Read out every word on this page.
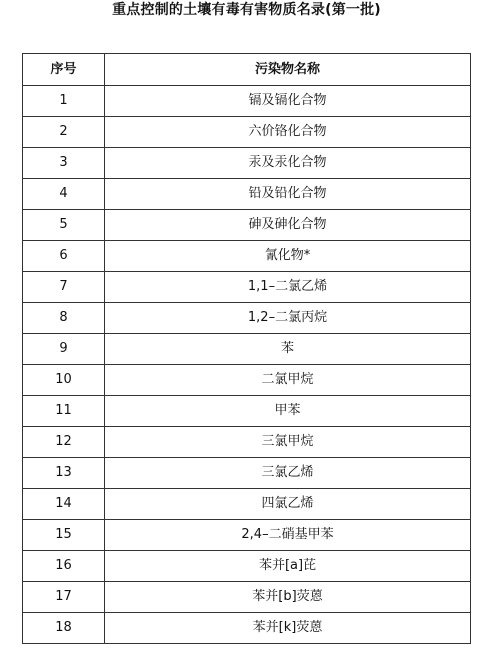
重点控制的土壤有毒有害物质名录(第一批)
序号	污染物名称
1	镉及镉化合物
2	六价铬化合物
3	汞及汞化合物
4	铅及铅化合物
5	砷及砷化合物
6	氰化物*
7	1,1–二氯乙烯
8	1,2–二氯丙烷
9	苯
10	二氯甲烷
11	甲苯
12	三氯甲烷
13	三氯乙烯
14	四氯乙烯
15	2,4–二硝基甲苯
16	苯并[a]芘
17	苯并[b]荧蒽
18	苯并[k]荧蒽
